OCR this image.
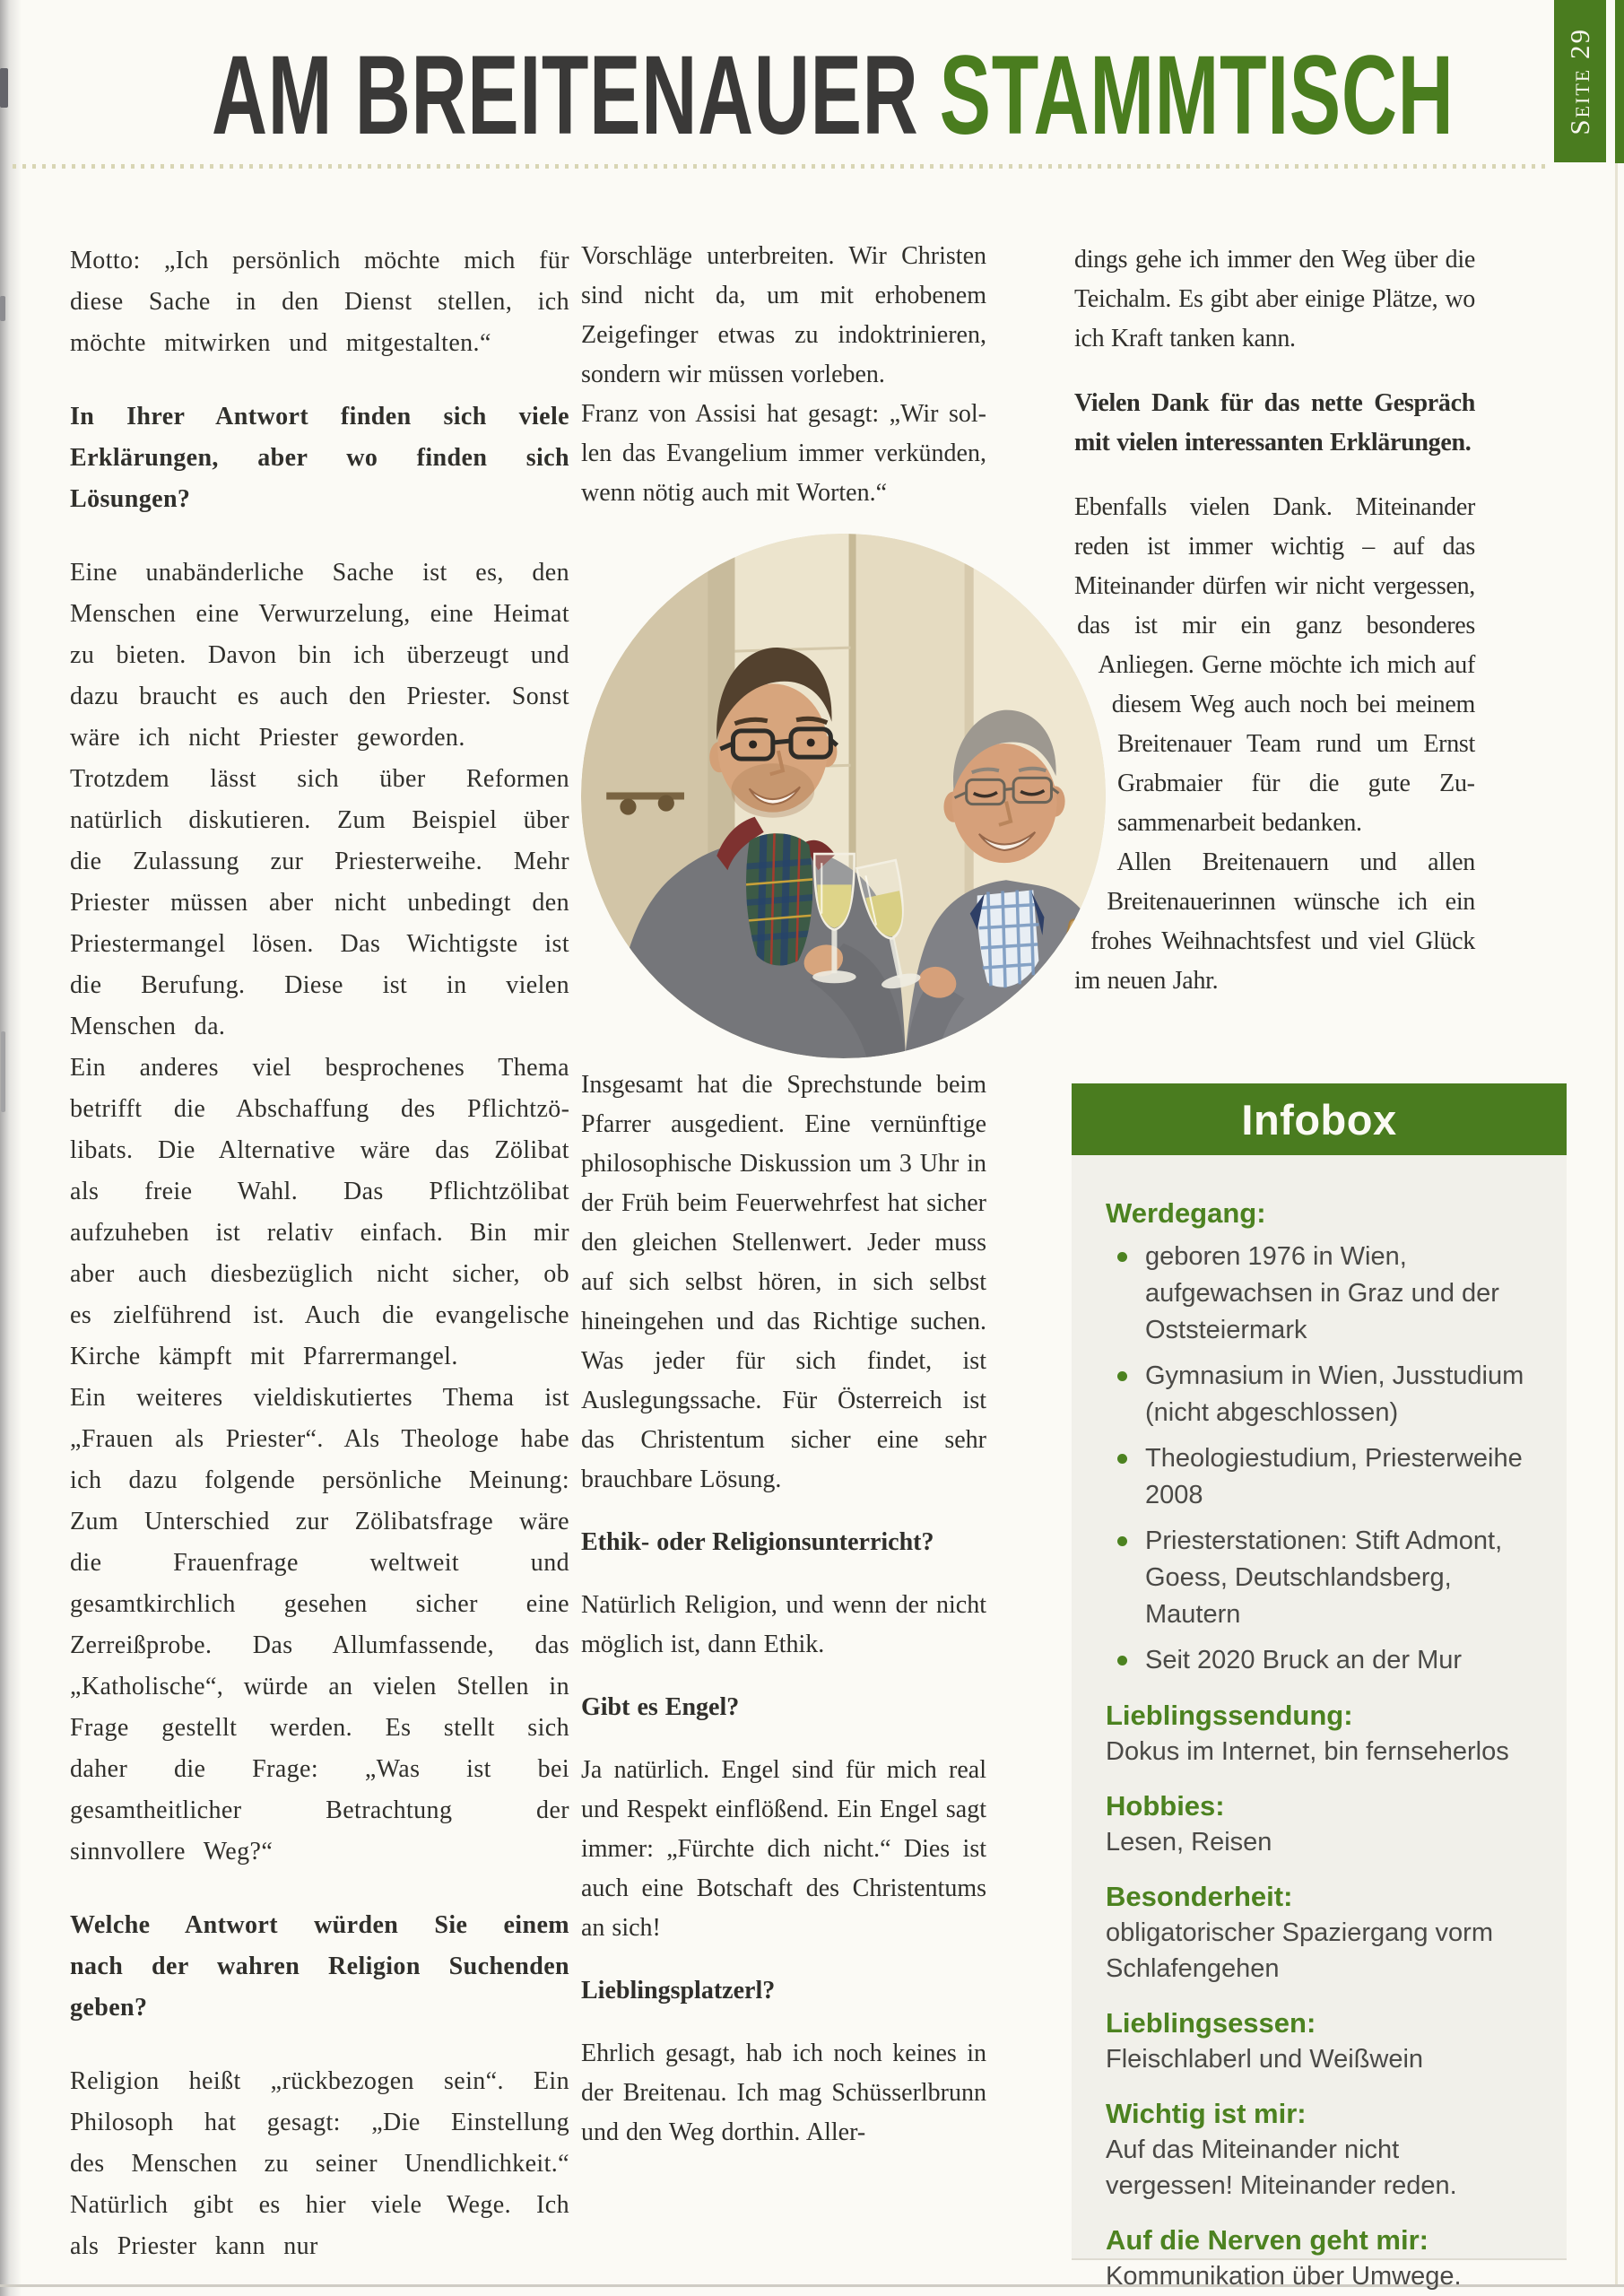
AM BREITENAUER STAMMTISCH	Seite 29

Motto: „Ich persönlich möchte mich für diese Sache in den Dienst stellen, ich möchte mitwirken und mitgestalten.“

In Ihrer Antwort finden sich viele Erklärungen, aber wo finden sich Lösungen?

Eine unabänderliche Sache ist es, den Menschen eine Verwurzelung, eine Heimat zu bieten. Davon bin ich überzeugt und dazu braucht es auch den Priester. Sonst wäre ich nicht Priester geworden.

Trotzdem lässt sich über Reformen natürlich diskutieren. Zum Beispiel über die Zulassung zur Priesterweihe. Mehr Priester müssen aber nicht unbedingt den Priestermangel lösen. Das Wichtigste ist die Berufung. Diese ist in vielen Menschen da.

Ein anderes viel besprochenes Thema betrifft die Abschaffung des Pflichtzölibats. Die Alternative wäre das Zölibat als freie Wahl. Das Pflichtzölibat aufzuheben ist relativ einfach. Bin mir aber auch diesbezüglich nicht sicher, ob es zielführend ist. Auch die evangelische Kirche kämpft mit Pfarrermangel.

Ein weiteres vieldiskutiertes Thema ist „Frauen als Priester“. Als Theologe habe ich dazu folgende persönliche Meinung: Zum Unterschied zur Zölibatsfrage wäre die Frauenfrage weltweit und gesamtkirchlich gesehen sicher eine Zerreißprobe. Das Allumfassende, das „Katholische“, würde an vielen Stellen in Frage gestellt werden. Es stellt sich daher die Frage: „Was ist bei gesamtheitlicher Betrachtung der sinnvollere Weg?“

Welche Antwort würden Sie einem nach der wahren Religion Suchenden geben?

Religion heißt „rückbezogen sein“. Ein Philosoph hat gesagt: „Die Einstellung des Menschen zu seiner Unendlichkeit.“ Natürlich gibt es hier viele Wege. Ich als Priester kann nur

Vorschläge unterbreiten. Wir Christen sind nicht da, um mit erhobenem Zeigefinger etwas zu indoktrinieren, sondern wir müssen vorleben.

Franz von Assisi hat gesagt: „Wir sollen das Evangelium immer verkünden, wenn nötig auch mit Worten.“

Insgesamt hat die Sprechstunde beim Pfarrer ausgedient. Eine vernünftige philosophische Diskussion um 3 Uhr in der Früh beim Feuerwehrfest hat sicher den gleichen Stellenwert. Jeder muss auf sich selbst hören, in sich selbst hineingehen und das Richtige suchen. Was jeder für sich findet, ist Auslegungssache. Für Österreich ist das Christentum sicher eine sehr brauchbare Lösung.

Ethik- oder Religionsunterricht?

Natürlich Religion, und wenn der nicht möglich ist, dann Ethik.

Gibt es Engel?

Ja natürlich. Engel sind für mich real und Respekt einflößend. Ein Engel sagt immer: „Fürchte dich nicht.“ Dies ist auch eine Botschaft des Christentums an sich!

Lieblingsplatzerl?

Ehrlich gesagt, hab ich noch keines in der Breitenau. Ich mag Schüsserlbrunn und den Weg dorthin. Aller-

dings gehe ich immer den Weg über die Teichalm. Es gibt aber einige Plätze, wo ich Kraft tanken kann.

Vielen Dank für das nette Gespräch mit vielen interessanten Erklärungen.

Ebenfalls vielen Dank. Miteinander reden ist immer wichtig – auf das Miteinander dürfen wir nicht vergessen, das ist mir ein ganz besonderes Anliegen. Gerne möchte ich mich auf diesem Weg auch noch bei meinem Breitenauer Team rund um Ernst Grabmaier für die gute Zusammenarbeit bedanken.

Allen Breitenauern und allen Breitenauerinnen wünsche ich ein frohes Weihnachtsfest und viel Glück im neuen Jahr.

Infobox
Werdegang:
geboren 1976 in Wien, aufgewachsen in Graz und der Oststeiermark
Gymnasium in Wien, Jusstudium (nicht abgeschlossen)
Theologiestudium, Priesterweihe 2008
Priesterstationen: Stift Admont, Goess, Deutschlandsberg, Mautern
Seit 2020 Bruck an der Mur
Lieblingssendung:
Dokus im Internet, bin fernseherlos
Hobbies:
Lesen, Reisen
Besonderheit:
obligatorischer Spaziergang vorm Schlafengehen
Lieblingsessen:
Fleischlaberl und Weißwein
Wichtig ist mir:
Auf das Miteinander nicht vergessen! Miteinander reden.
Auf die Nerven geht mir:
Kommunikation über Umwege.
